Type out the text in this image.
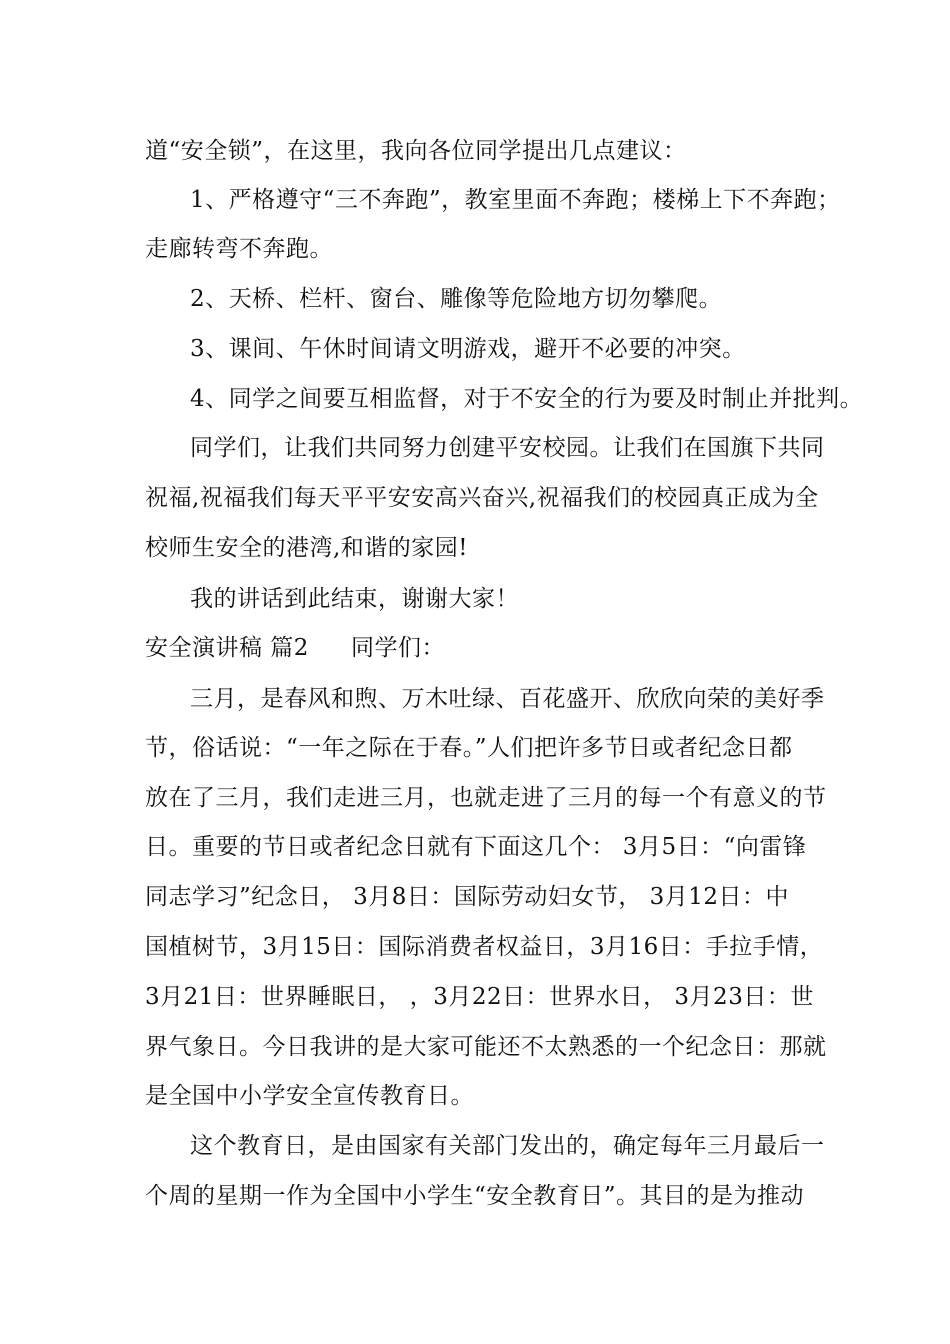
道“安全锁”，在这里，我向各位同学提出几点建议：
1、严格遵守“三不奔跑”，教室里面不奔跑；楼梯上下不奔跑；
走廊转弯不奔跑。
2、天桥、栏杆、窗台、雕像等危险地方切勿攀爬。
3、课间、午休时间请文明游戏，避开不必要的冲突。
4、同学之间要互相监督，对于不安全的行为要及时制止并批判。
同学们，让我们共同努力创建平安校园。让我们在国旗下共同
祝福,祝福我们每天平平安安高兴奋兴,祝福我们的校园真正成为全
校师生安全的港湾,和谐的家园!
我的讲话到此结束，谢谢大家！
安全演讲稿 篇2 同学们：
三月，是春风和煦、万木吐绿、百花盛开、欣欣向荣的美好季
节，俗话说：“一年之际在于春。”人们把许多节日或者纪念日都
放在了三月，我们走进三月，也就走进了三月的每一个有意义的节
日。重要的节日或者纪念日就有下面这几个： 3月5日：“向雷锋
同志学习”纪念日， 3月8日：国际劳动妇女节， 3月12日：中
国植树节，3月15日：国际消费者权益日，3月16日：手拉手情，
3月21日：世界睡眠日， ，3月22日：世界水日， 3月23日：世
界气象日。今日我讲的是大家可能还不太熟悉的一个纪念日：那就
是全国中小学安全宣传教育日。
这个教育日，是由国家有关部门发出的，确定每年三月最后一
个周的星期一作为全国中小学生“安全教育日”。其目的是为推动
